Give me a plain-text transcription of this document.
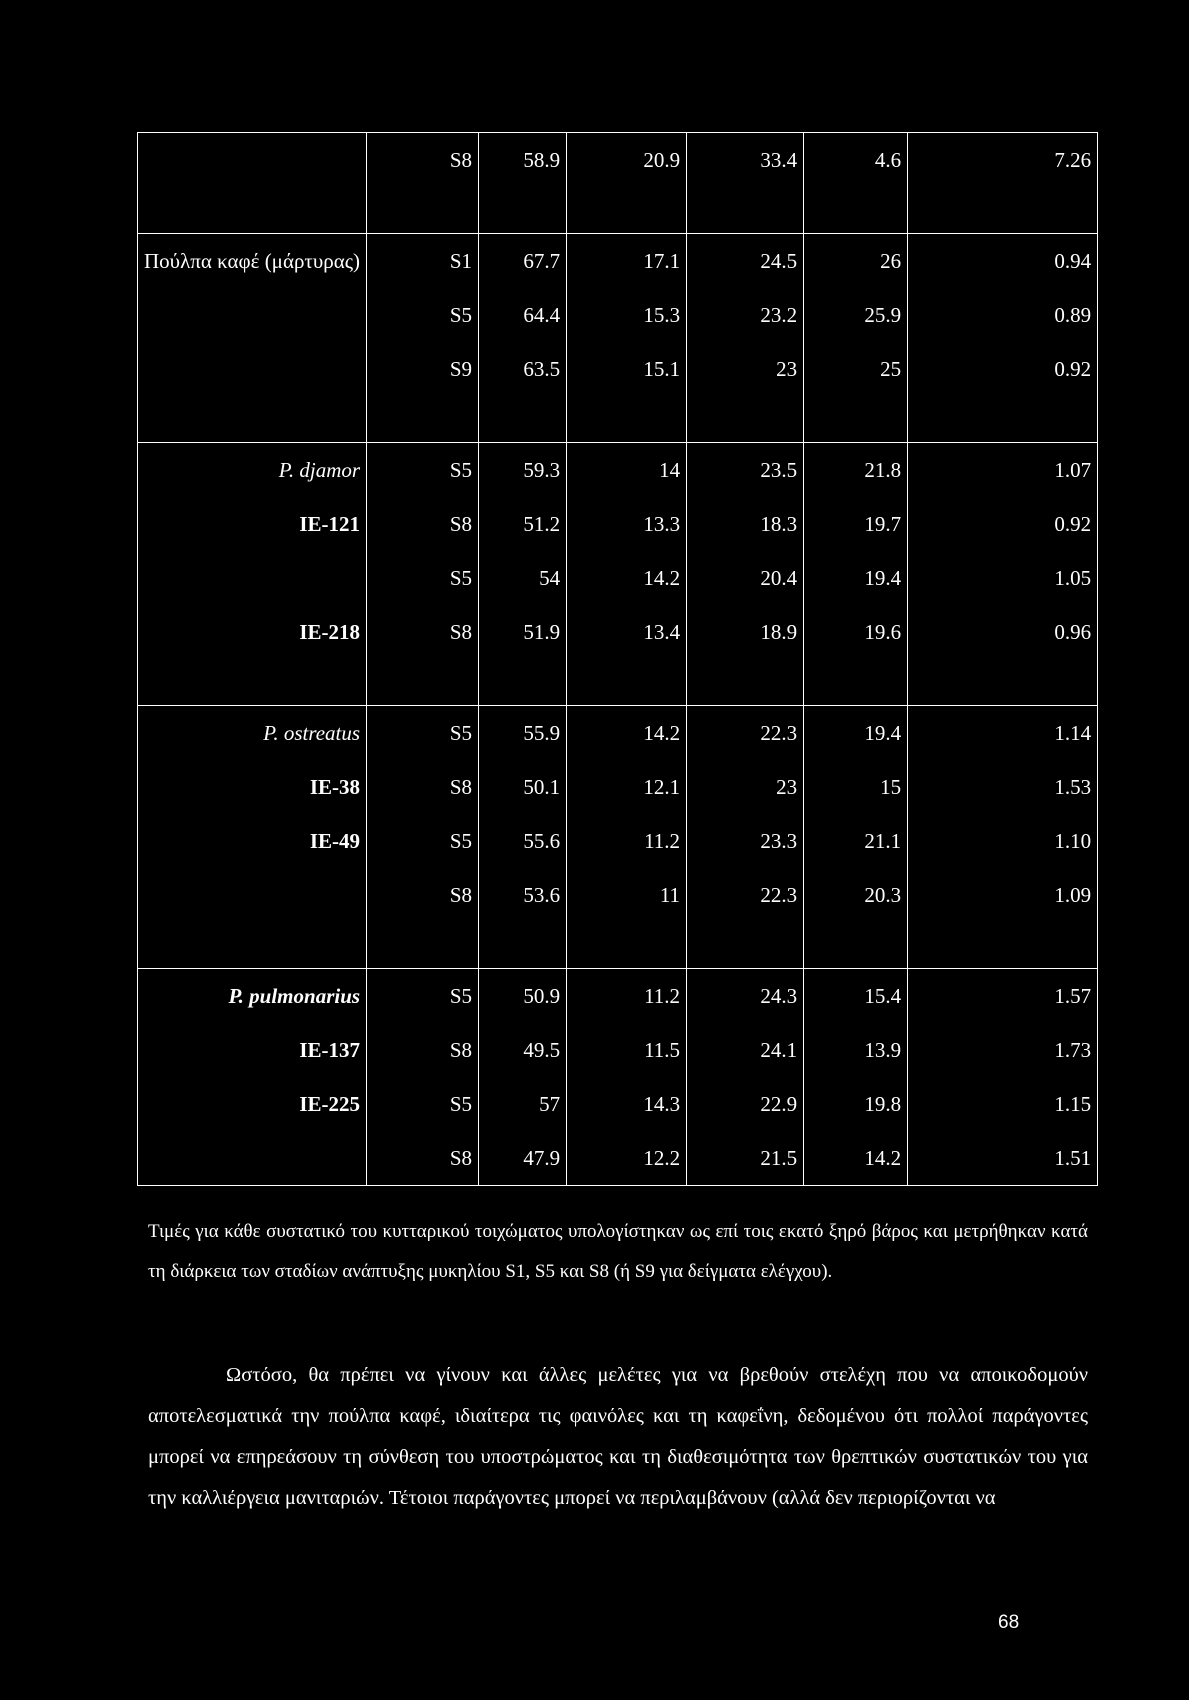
	S8	58.9	20.9	33.4	4.6	7.26

Πούλπα καφέ (μάρτυρας)	S1	67.7	17.1	24.5	26	0.94
	S5	64.4	15.3	23.2	25.9	0.89
	S9	63.5	15.1	23	25	0.92

P. djamor	S5	59.3	14	23.5	21.8	1.07
IE-121	S8	51.2	13.3	18.3	19.7	0.92
	S5	54	14.2	20.4	19.4	1.05
IE-218	S8	51.9	13.4	18.9	19.6	0.96

P. ostreatus	S5	55.9	14.2	22.3	19.4	1.14
IE-38	S8	50.1	12.1	23	15	1.53
IE-49	S5	55.6	11.2	23.3	21.1	1.10
	S8	53.6	11	22.3	20.3	1.09

P. pulmonarius	S5	50.9	11.2	24.3	15.4	1.57
IE-137	S8	49.5	11.5	24.1	13.9	1.73
IE-225	S5	57	14.3	22.9	19.8	1.15
	S8	47.9	12.2	21.5	14.2	1.51

Τιμές για κάθε συστατικό του κυτταρικού τοιχώματος υπολογίστηκαν ως επί τοις εκατό ξηρό βάρος και μετρήθηκαν κατά τη διάρκεια των σταδίων ανάπτυξης μυκηλίου S1, S5 και S8 (ή S9 για δείγματα ελέγχου).

Ωστόσο, θα πρέπει να γίνουν και άλλες μελέτες για να βρεθούν στελέχη που να αποικοδομούν αποτελεσματικά την πούλπα καφέ, ιδιαίτερα τις φαινόλες και τη καφεΐνη, δεδομένου ότι πολλοί παράγοντες μπορεί να επηρεάσουν τη σύνθεση του υποστρώματος και τη διαθεσιμότητα των θρεπτικών συστατικών του για την καλλιέργεια μανιταριών. Τέτοιοι παράγοντες μπορεί να περιλαμβάνουν (αλλά δεν περιορίζονται να

68
